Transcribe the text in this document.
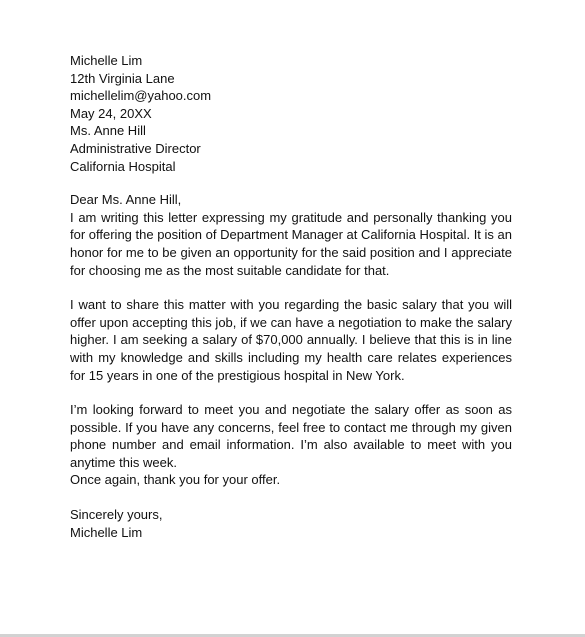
Michelle Lim
12th Virginia Lane
michellelim@yahoo.com
May 24, 20XX
Ms. Anne Hill
Administrative Director
California Hospital
Dear Ms. Anne Hill,

I am writing this letter expressing my gratitude and personally thanking you for offering the position of Department Manager at California Hospital. It is an honor for me to be given an opportunity for the said position and I appreciate for choosing me as the most suitable candidate for that.

I want to share this matter with you regarding the basic salary that you will offer upon accepting this job, if we can have a negotiation to make the salary higher. I am seeking a salary of $70,000 annually. I believe that this is in line with my knowledge and skills including my health care relates experiences for 15 years in one of the prestigious hospital in New York.

I’m looking forward to meet you and negotiate the salary offer as soon as possible. If you have any concerns, feel free to contact me through my given phone number and email information. I’m also available to meet with you anytime this week.

Once again, thank you for your offer.
Sincerely yours,
Michelle Lim
